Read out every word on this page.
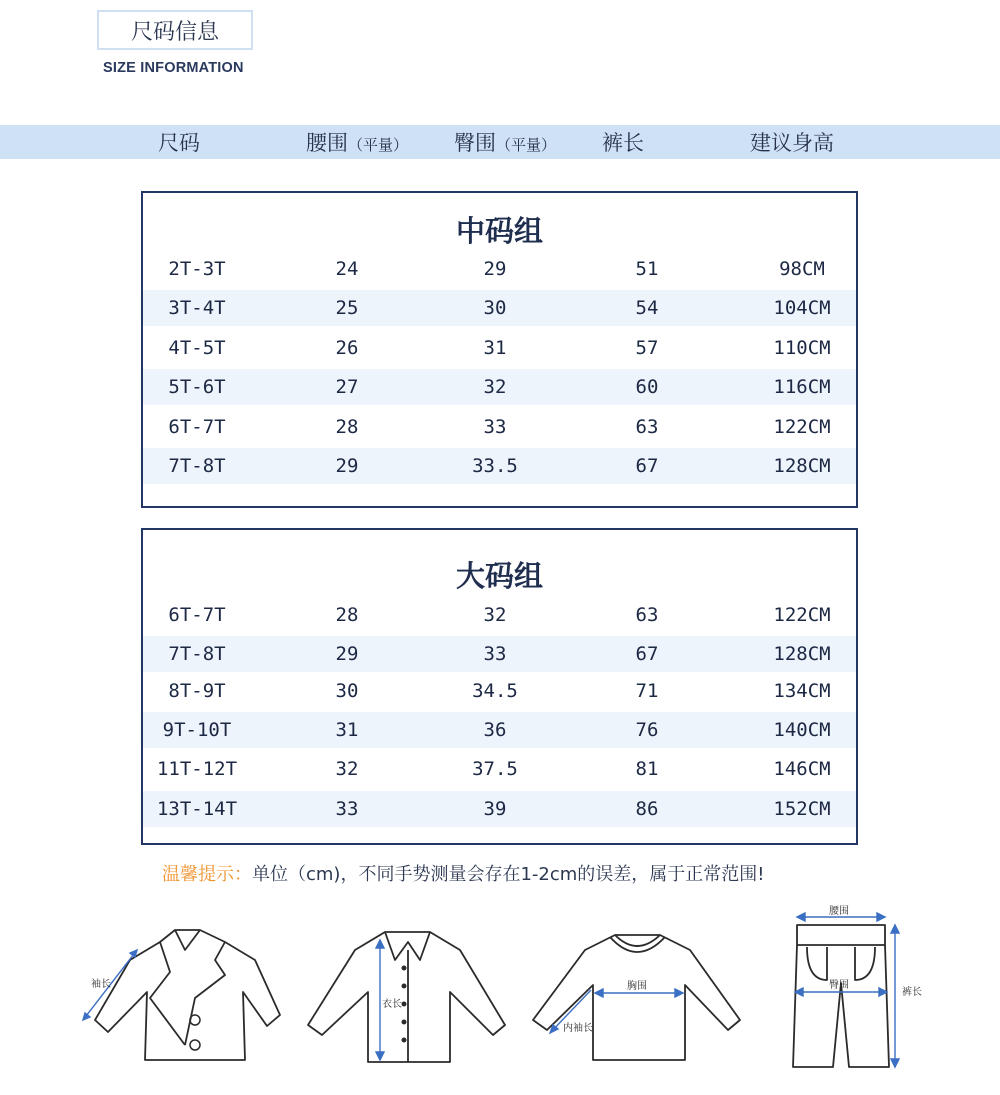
尺码信息
SIZE INFORMATION
尺码	腰围（平量） 臀围（平量） 裤长	建议身高
中码组
2T-3T	24	29	51	98CM
3T-4T	25	30	54	104CM
4T-5T	26	31	57	110CM
5T-6T	27	32	60	116CM
6T-7T	28	33	63	122CM
7T-8T	29	33.5	67	128CM
大码组
6T-7T	28	32	63	122CM
7T-8T	29	33	67	128CM
8T-9T	30	34.5	71	134CM
9T-10T	31	36	76	140CM
11T-12T	32	37.5	81	146CM
13T-14T	33	39	86	152CM
温馨提示：单位（cm)，不同手势测量会存在1-2cm的误差，属于正常范围!
袖长
衣长
胸围
内袖长
腰围
臀围
裤长
